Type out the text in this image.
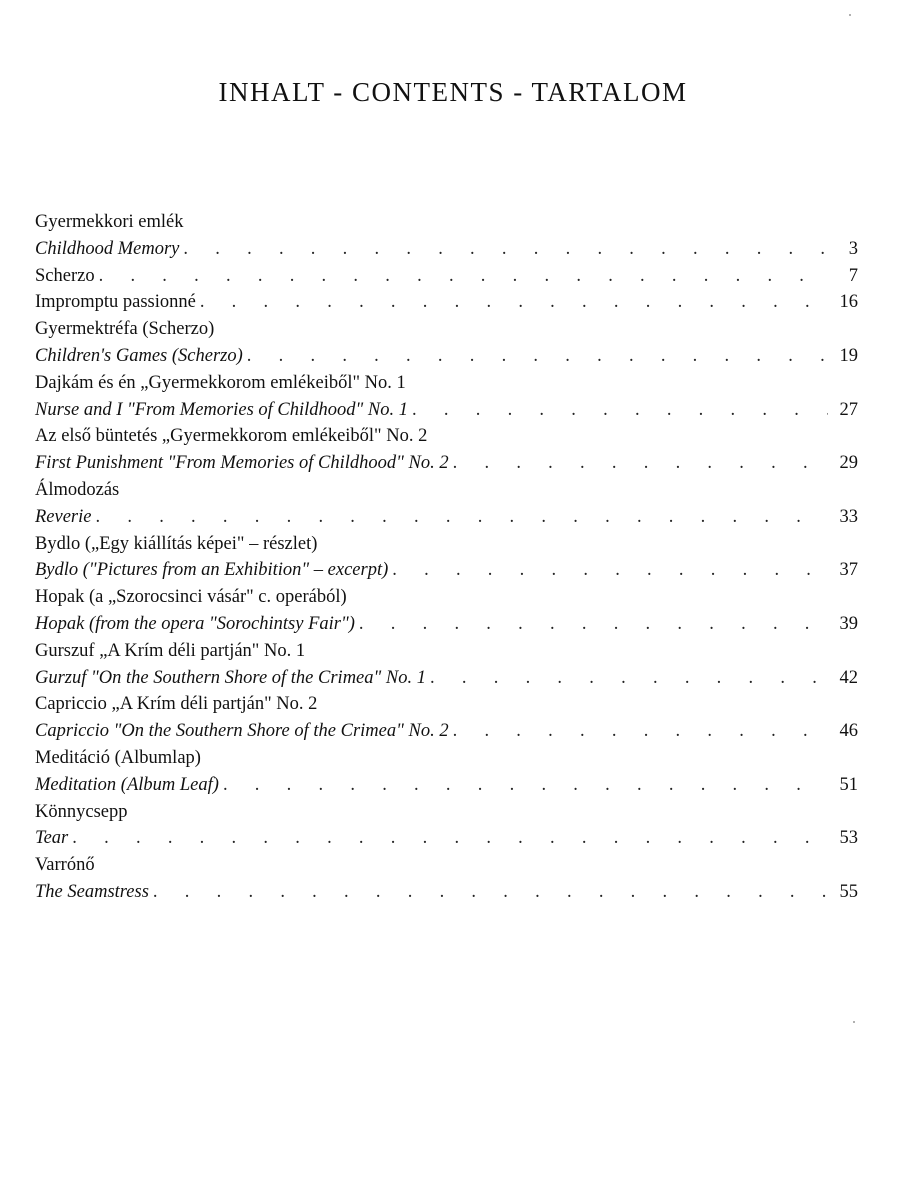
INHALT - CONTENTS - TARTALOM
Gyermekkori emlék
Childhood Memory . . .	3
Scherzo . . .	7
Impromptu passionné . . .	16
Gyermektréfa (Scherzo)
Children's Games (Scherzo) . . .	19
Dajkám és én „Gyermekkorom emlékeiből" No. 1
Nurse and I "From Memories of Childhood" No. 1 . . .	27
Az első büntetés „Gyermekkorom emlékeiből" No. 2
First Punishment "From Memories of Childhood" No. 2 . . .	29
Álmodozás
Reverie . . .	33
Bydlo („Egy kiállítás képei" – részlet)
Bydlo ("Pictures from an Exhibition" – excerpt) . . .	37
Hopak (a „Szorocsinci vásár" c. operából)
Hopak (from the opera "Sorochintsy Fair") . . .	39
Gurszuf „A Krím déli partján" No. 1
Gurzuf "On the Southern Shore of the Crimea" No. 1 . . .	42
Capriccio „A Krím déli partján" No. 2
Capriccio "On the Southern Shore of the Crimea" No. 2 . . .	46
Meditáció (Albumlap)
Meditation (Album Leaf) . . .	51
Könnycsepp
Tear . . .	53
Varrónő
The Seamstress . . .	55
